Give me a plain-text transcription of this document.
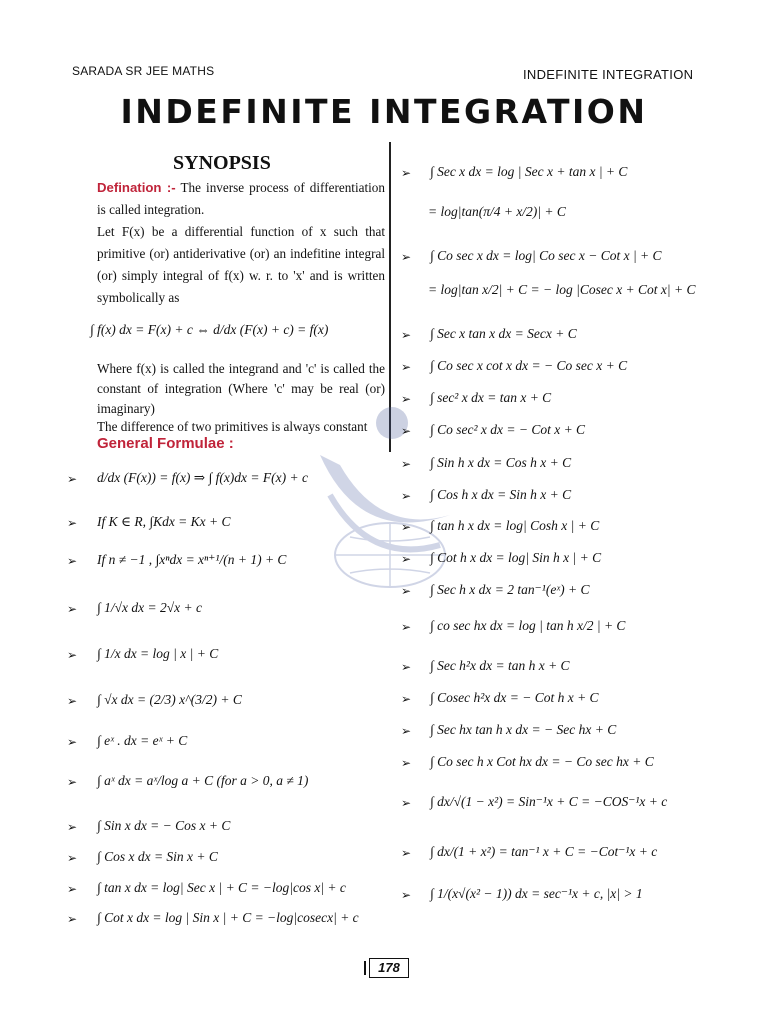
SARADA SR JEE MATHS	INDEFINITE INTEGRATION
INDEFINITE INTEGRATION
SYNOPSIS
Defination :- The inverse process of differentiation is called integration.
Let F(x) be a differential function of x such that primitive (or) antiderivative (or) an indefitine integral (or) simply integral of f(x) w. r. to 'x' and is written symbolically as
∫ f(x) dx = F(x) + c ⇔ d/dx (F(x) + c) = f(x)
Where f(x) is called the integrand and 'c' is called the constant of integration (Where 'c' may be real (or) imaginary)
The difference of two primitives is always constant
General Formulae :
➢ d/dx (F(x)) = f(x) ⇒ ∫ f(x)dx = F(x) + c
➢ If K ∈ R, ∫Kdx = Kx + C
➢ If n ≠ −1 , ∫xⁿdx = xⁿ⁺¹/(n + 1) + C
➢ ∫ 1/√x dx = 2√x + c
➢ ∫ 1/x dx = log | x | + C
➢ ∫ √x dx = (2/3) x^(3/2) + C
➢ ∫ eˣ . dx = eˣ + C
➢ ∫ aˣ dx = aˣ/log a + C (for a > 0, a ≠ 1)
➢ ∫ Sin x dx = − Cos x + C
➢ ∫ Cos x dx = Sin x + C
➢ ∫ tan x dx = log| Sec x | + C = −log|cos x| + c
➢ ∫ Cot x dx = log | Sin x | + C = −log|cosecx| + c
➢ ∫ Sec x dx = log | Sec x + tan x | + C
= log|tan(π/4 + x/2)| + C
➢ ∫ Co sec x dx = log| Co sec x − Cot x | + C
= log|tan x/2| + C = − log |Cosec x + Cot x| + C
➢ ∫ Sec x tan x dx = Secx + C
➢ ∫ Co sec x cot x dx = − Co sec x + C
➢ ∫ sec² x dx = tan x + C
➢ ∫ Co sec² x dx = − Cot x + C
➢ ∫ Sin h x dx = Cos h x + C
➢ ∫ Cos h x dx = Sin h x + C
➢ ∫ tan h x dx = log| Cosh x | + C
➢ ∫ Cot h x dx = log| Sin h x | + C
➢ ∫ Sec h x dx = 2 tan⁻¹(eˣ) + C
➢ ∫ co sec hx dx = log | tan h x/2 | + C
➢ ∫ Sec h²x dx = tan h x + C
➢ ∫ Cosec h²x dx = − Cot h x + C
➢ ∫ Sec hx tan h x dx = − Sec hx + C
➢ ∫ Co sec h x Cot hx dx = − Co sec hx + C
➢ ∫ dx/√(1 − x²) = Sin⁻¹x + C = −COS⁻¹x + c
➢ ∫ dx/(1 + x²) = tan⁻¹ x + C = −Cot⁻¹x + c
➢ ∫ 1/(x√(x² − 1)) dx = sec⁻¹x + c, |x| > 1
178
